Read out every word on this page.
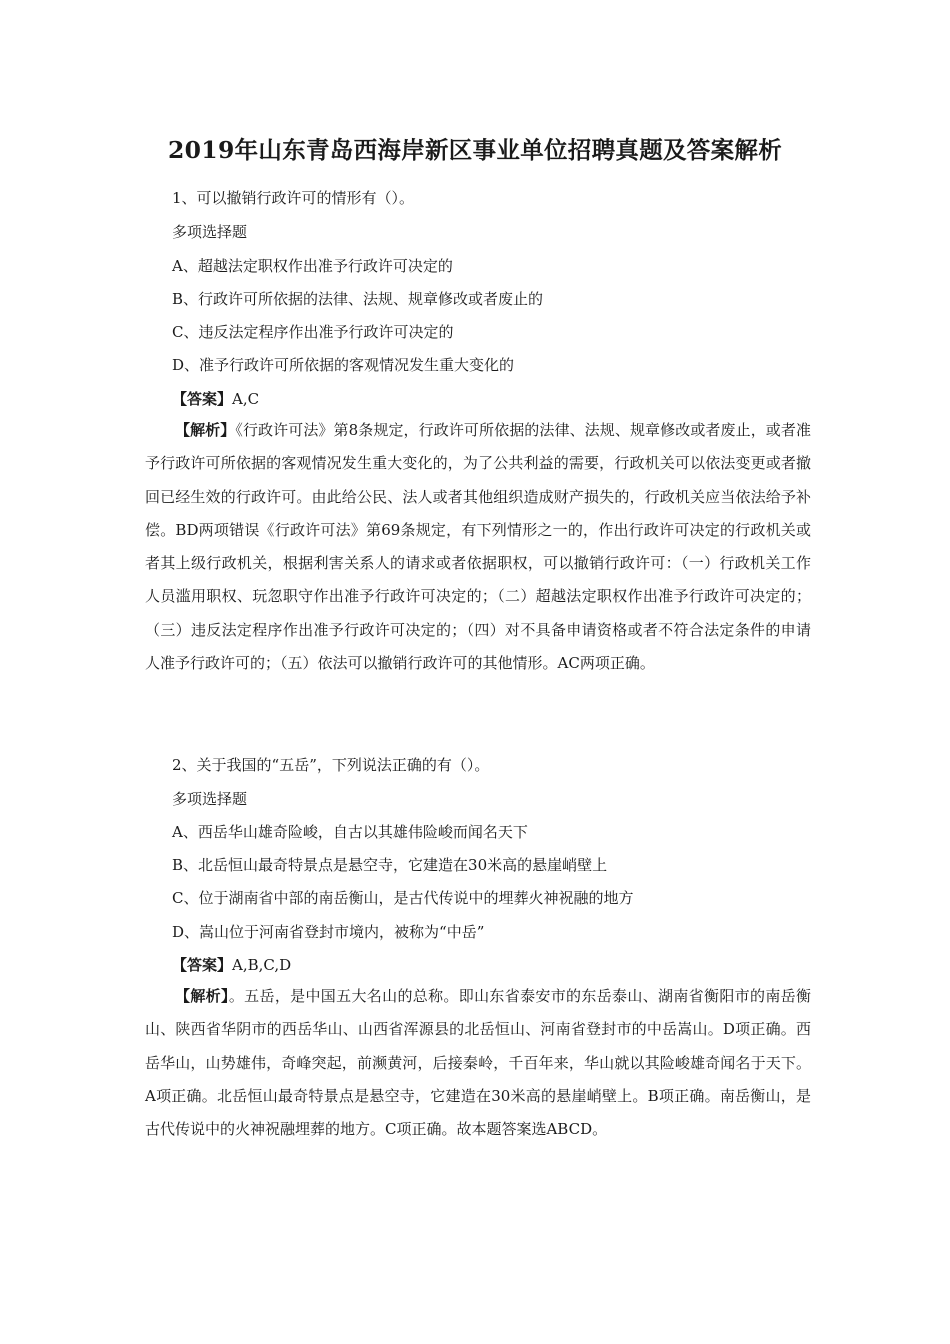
2019年山东青岛西海岸新区事业单位招聘真题及答案解析
1、可以撤销行政许可的情形有（）。
多项选择题
A、超越法定职权作出准予行政许可决定的
B、行政许可所依据的法律、法规、规章修改或者废止的
C、违反法定程序作出准予行政许可决定的
D、准予行政许可所依据的客观情况发生重大变化的
【答案】A,C
【解析】《行政许可法》第8条规定，行政许可所依据的法律、法规、规章修改或者废止，或者准予行政许可所依据的客观情况发生重大变化的，为了公共利益的需要，行政机关可以依法变更或者撤回已经生效的行政许可。由此给公民、法人或者其他组织造成财产损失的，行政机关应当依法给予补偿。BD两项错误《行政许可法》第69条规定，有下列情形之一的，作出行政许可决定的行政机关或者其上级行政机关，根据利害关系人的请求或者依据职权，可以撤销行政许可：（一）行政机关工作人员滥用职权、玩忽职守作出准予行政许可决定的；（二）超越法定职权作出准予行政许可决定的；（三）违反法定程序作出准予行政许可决定的；（四）对不具备申请资格或者不符合法定条件的申请人准予行政许可的；（五）依法可以撤销行政许可的其他情形。AC两项正确。
2、关于我国的“五岳”，下列说法正确的有（）。
多项选择题
A、西岳华山雄奇险峻，自古以其雄伟险峻而闻名天下
B、北岳恒山最奇特景点是悬空寺，它建造在30米高的悬崖峭壁上
C、位于湖南省中部的南岳衡山，是古代传说中的埋葬火神祝融的地方
D、嵩山位于河南省登封市境内，被称为“中岳”
【答案】A,B,C,D
【解析】。五岳，是中国五大名山的总称。即山东省泰安市的东岳泰山、湖南省衡阳市的南岳衡山、陕西省华阴市的西岳华山、山西省浑源县的北岳恒山、河南省登封市的中岳嵩山。D项正确。西岳华山，山势雄伟，奇峰突起，前濒黄河，后接秦岭，千百年来，华山就以其险峻雄奇闻名于天下。A项正确。北岳恒山最奇特景点是悬空寺，它建造在30米高的悬崖峭壁上。B项正确。南岳衡山，是古代传说中的火神祝融埋葬的地方。C项正确。故本题答案选ABCD。
